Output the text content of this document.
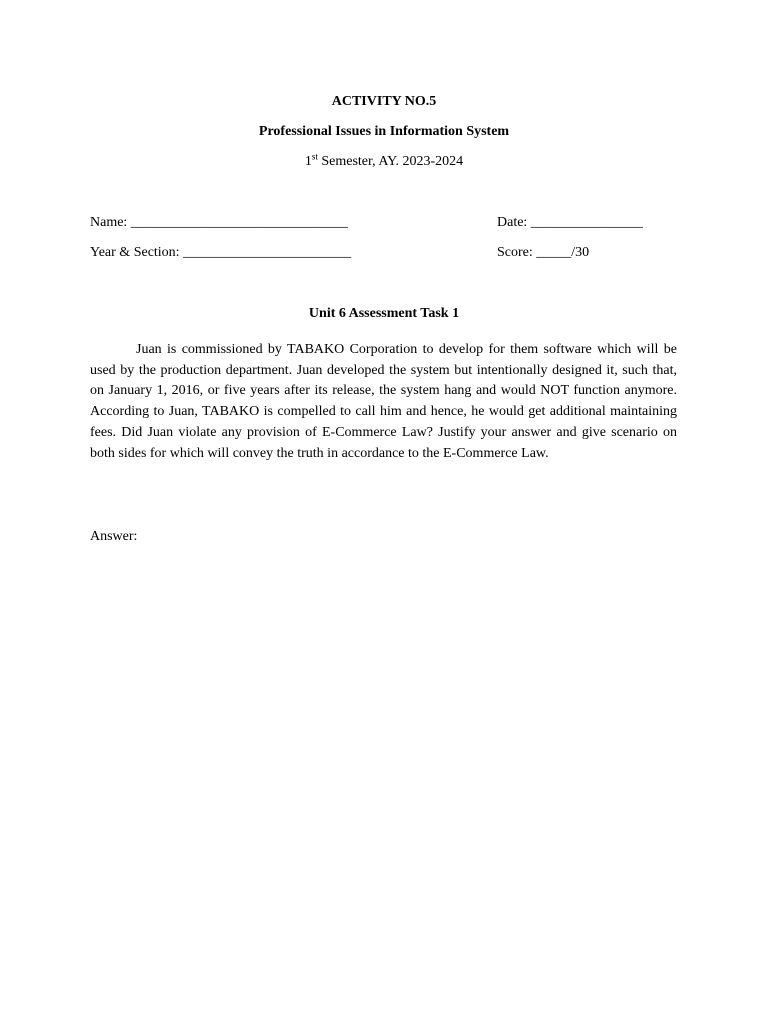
ACTIVITY NO.5
Professional Issues in Information System
1st Semester, AY. 2023-2024
Name: _______________________________	Date: ________________
Year & Section: ________________________	Score: _____/30
Unit 6 Assessment Task 1

Juan is commissioned by TABAKO Corporation to develop for them software which will be used by the production department. Juan developed the system but intentionally designed it, such that, on January 1, 2016, or five years after its release, the system hang and would NOT function anymore. According to Juan, TABAKO is compelled to call him and hence, he would get additional maintaining fees. Did Juan violate any provision of E-Commerce Law? Justify your answer and give scenario on both sides for which will convey the truth in accordance to the E-Commerce Law.

Answer:
